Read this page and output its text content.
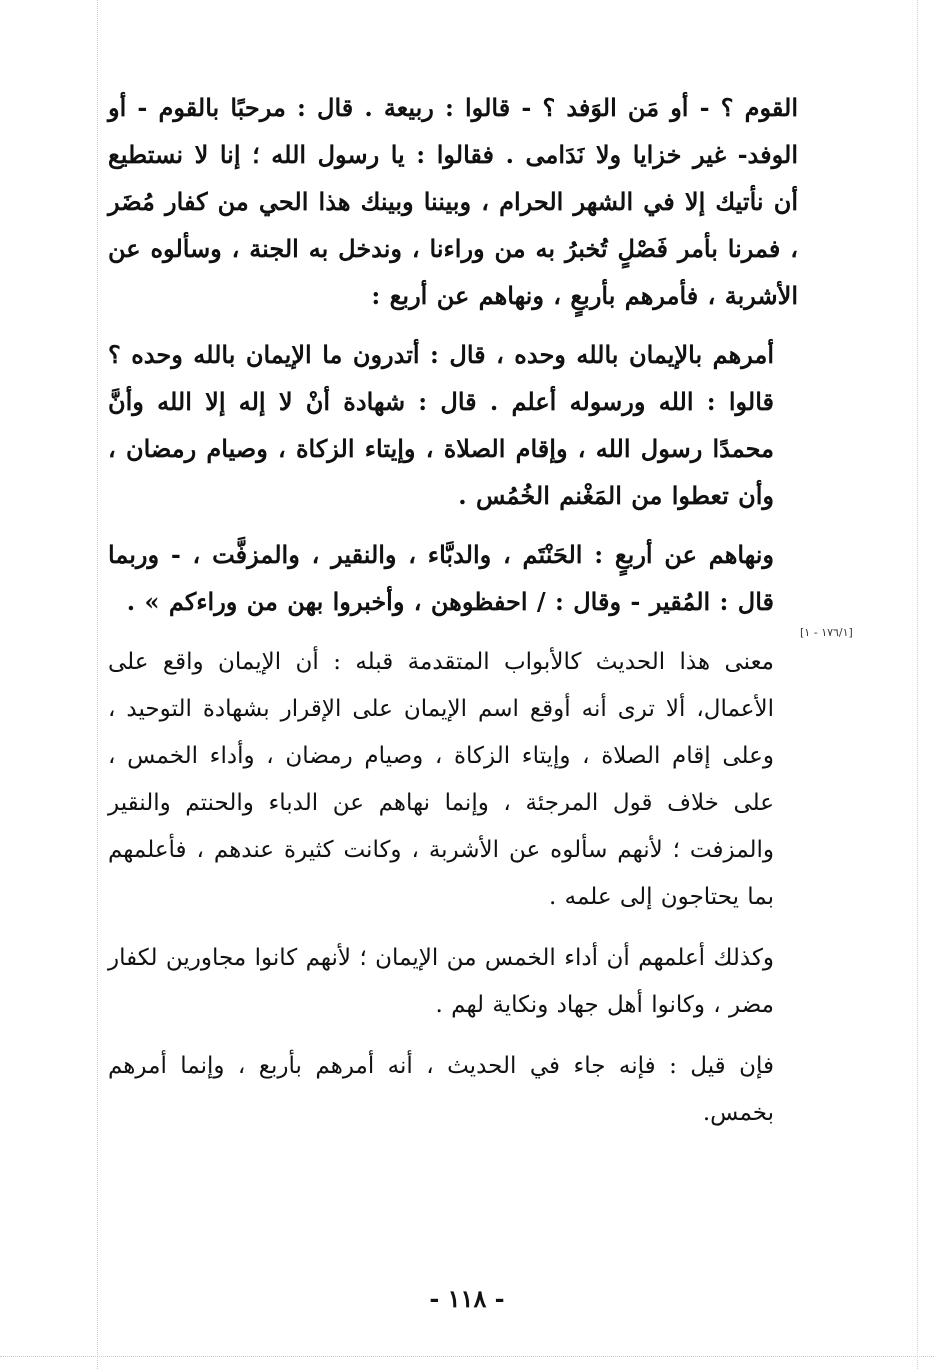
القوم ؟ - أو مَن الوَفد ؟ - قالوا : ربيعة . قال : مرحبًا بالقوم - أو الوفد- غير خزايا ولا نَدَامى . فقالوا : يا رسول الله ؛ إنا لا نستطيع أن نأتيك إلا في الشهر الحرام ، وبيننا وبينك هذا الحي من كفار مُضَر ، فمرنا بأمر فَصْلٍ تُخبرُ به من وراءنا ، وندخل به الجنة ، وسألوه عن الأشربة ، فأمرهم بأربعٍ ، ونهاهم عن أربع :

أمرهم بالإيمان بالله وحده ، قال : أتدرون ما الإيمان بالله وحده ؟ قالوا : الله ورسوله أعلم . قال : شهادة أنْ لا إله إلا الله وأنَّ محمدًا رسول الله ، وإقام الصلاة ، وإيتاء الزكاة ، وصيام رمضان ، وأن تعطوا من المَغْنم الخُمُس .

ونهاهم عن أربعٍ : الحَنْتَم ، والدبَّاء ، والنقير ، والمزفَّت ، - وربما قال : المُقير - وقال : / احفظوهن ، وأخبروا بهن من وراءكم » .

معنى هذا الحديث كالأبواب المتقدمة قبله : أن الإيمان واقع على الأعمال، ألا ترى أنه أوقع اسم الإيمان على الإقرار بشهادة التوحيد ، وعلى إقام الصلاة ، وإيتاء الزكاة ، وصيام رمضان ، وأداء الخمس ، على خلاف قول المرجئة ، وإنما نهاهم عن الدباء والحنتم والنقير والمزفت ؛ لأنهم سألوه عن الأشربة ، وكانت كثيرة عندهم ، فأعلمهم بما يحتاجون إلى علمه .

وكذلك أعلمهم أن أداء الخمس من الإيمان ؛ لأنهم كانوا مجاورين لكفار مضر ، وكانوا أهل جهاد ونكاية لهم .

فإن قيل : فإنه جاء في الحديث ، أنه أمرهم بأربع ، وإنما أمرهم بخمس.

[١٧٦/١ - ١]
- ١١٨ -
